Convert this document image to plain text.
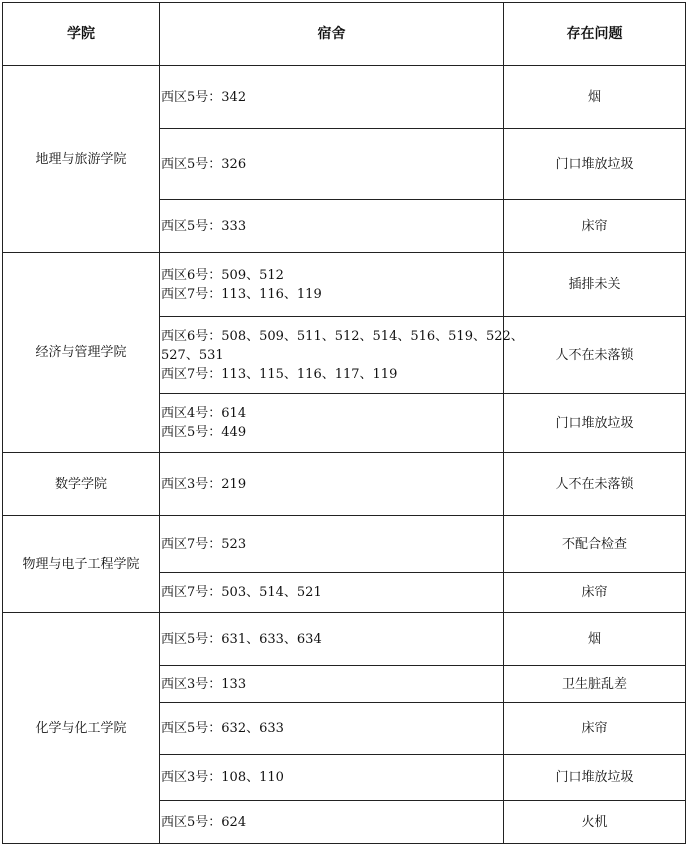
学院	宿舍	存在问题
地理与旅游学院	西区5号：342	烟

	西区5号：326	门口堆放垃圾

	西区5号：333	床帘
经济与管理学院	西区6号：509、512
西区7号：113、116、119	插排未关

	西区6号：508、509、511、512、514、516、519、522、
527、531
西区7号：113、115、116、117、119	人不在未落锁

	西区4号：614
西区5号：449	门口堆放垃圾
数学学院	西区3号：219	人不在未落锁
物理与电子工程学院	西区7号：523	不配合检查

	西区7号：503、514、521	床帘
化学与化工学院	西区5号：631、633、634	烟

	西区3号：133	卫生脏乱差

	西区5号：632、633	床帘

	西区3号：108、110	门口堆放垃圾

	西区5号：624	火机
